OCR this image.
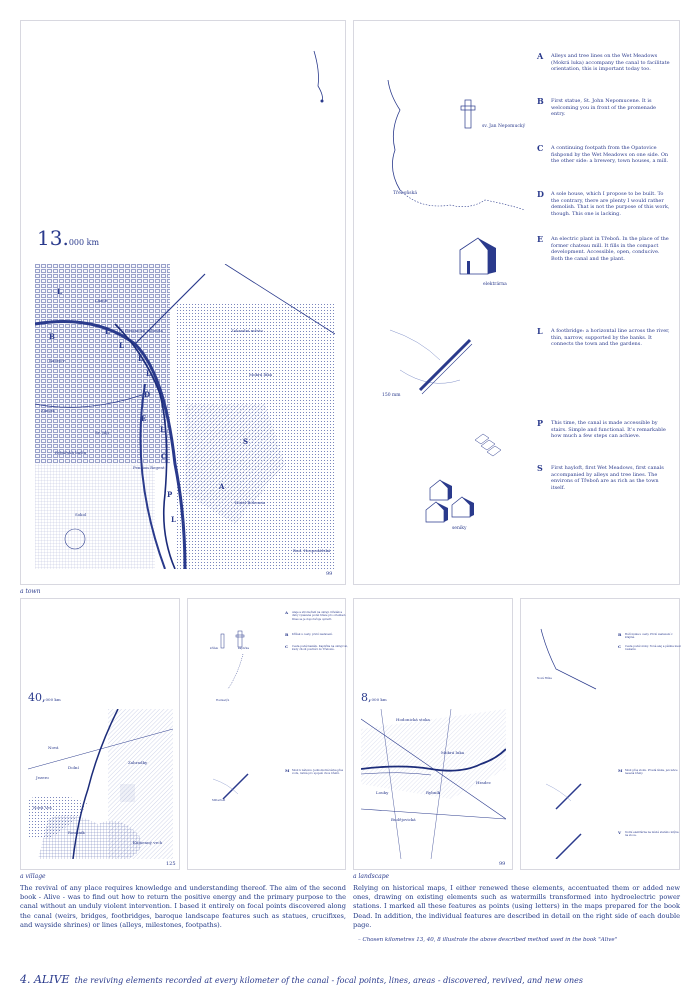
13.000 km
Lázně
Botanická zahrada
Kasejov
Zámek
Zahradní město
Mokrá lůka
Penzion Regent
Sv. Jilji
Rybářská bašta
Hotel Bohemia
Sokol
Bud. Hospodářská
L
B
L
L
L
L
D
E
L
C
S
P
A
L
99
sv. Jan Nepomucký
Třeboňská
elektrárna
150 mm
seníky
A Alleys and tree lines on the Wet Meadows (Mokrá luka) accompany the canal to facilitate orientation, this is important today too.
B First statue, St. John Nepomucene. It is welcoming you in front of the promenade entry.
C A continuing footpath from the Opatovice fishpond by the Wet Meadows on one side. On the other side: a brewery, town houses, a mill.
D A sole house, which I propose to be built. To the contrary, there are plenty I would rather demolish. That is not the purpose of this work, though. This one is lacking.
E An electric plant in Třeboň. In the place of the former chateau mill. It fills in the compact development. Accessible, open, conducive. Both the canal and the plant.
L A footbridge: a horizontal line across the river, thin, narrow, supported by the banks. It connects the town and the gardens.
P This time, the canal is made accessible by stairs. Simple and functional. It's remarkable how much a few steps can achieve.
S First hayloft, first Wet Meadows, first canals accompanied by alleys and tree lines. The environs of Třeboň are as rich as the town itself.
a town
40,000 km
Nová
Jezero
Zahradky
Dolní
Kamenný vrch
Nová Ves
Roudnik
125
křížek	kaplička
Rozmarýn
Mitterfeld
A Aleje a stromořadí na okraji. Ořešák a duby vysázené podél hráze pro orientaci. Dnes se je doporučuje opravit.
B Křížek u cesty, první zastavení.
C Cesta podél kanálu. Kaplička na okraji vsi, kudy chodí poutníci do Třeboně.
M Most k náhonu. Jednoduchá lávka přes vodu, nutná pro spojení dvou břehů.
a village
8,000 km
Hodonická stoka
Mokrá luka
Hradec
Rybník
Louky
Budějovická
99
Nová Hlína
B Boží muka u cesty. První zastavení v krajině.
C Cesta podél stoky. Nová alej a pěšina mezi loukami.
M Most přes stoku. Prostá lávka, jen lehce nesená břehy.
V Vodní elektrárna na místě starého mlýna na stoce.
a landscape
The revival of any place requires knowledge and understanding thereof. The aim of the second book - Alive - was to find out how to return the positive energy and the primary purpose to the canal without an unduly violent intervention. I based it entirely on focal points discovered along the canal (weirs, bridges, footbridges, baroque landscape features such as statues, crucifixes, and wayside shrines) or lines (alleys, milestones, footpaths).
Relying on historical maps, I either renewed these elements, accentuated them or added new ones, drawing on existing elements such as watermills transformed into hydroelectric power stations. I marked all these features as points (using letters) in the maps prepared for the book Dead. In addition, the individual features are described in detail on the right side of each double page.
– Chosen kilometres 13, 40, 8 illustrate the above described method used in the book "Alive"
4. ALIVE the reviving elements recorded at every kilometer of the canal - focal points, lines, areas - discovered, revived, and new ones
